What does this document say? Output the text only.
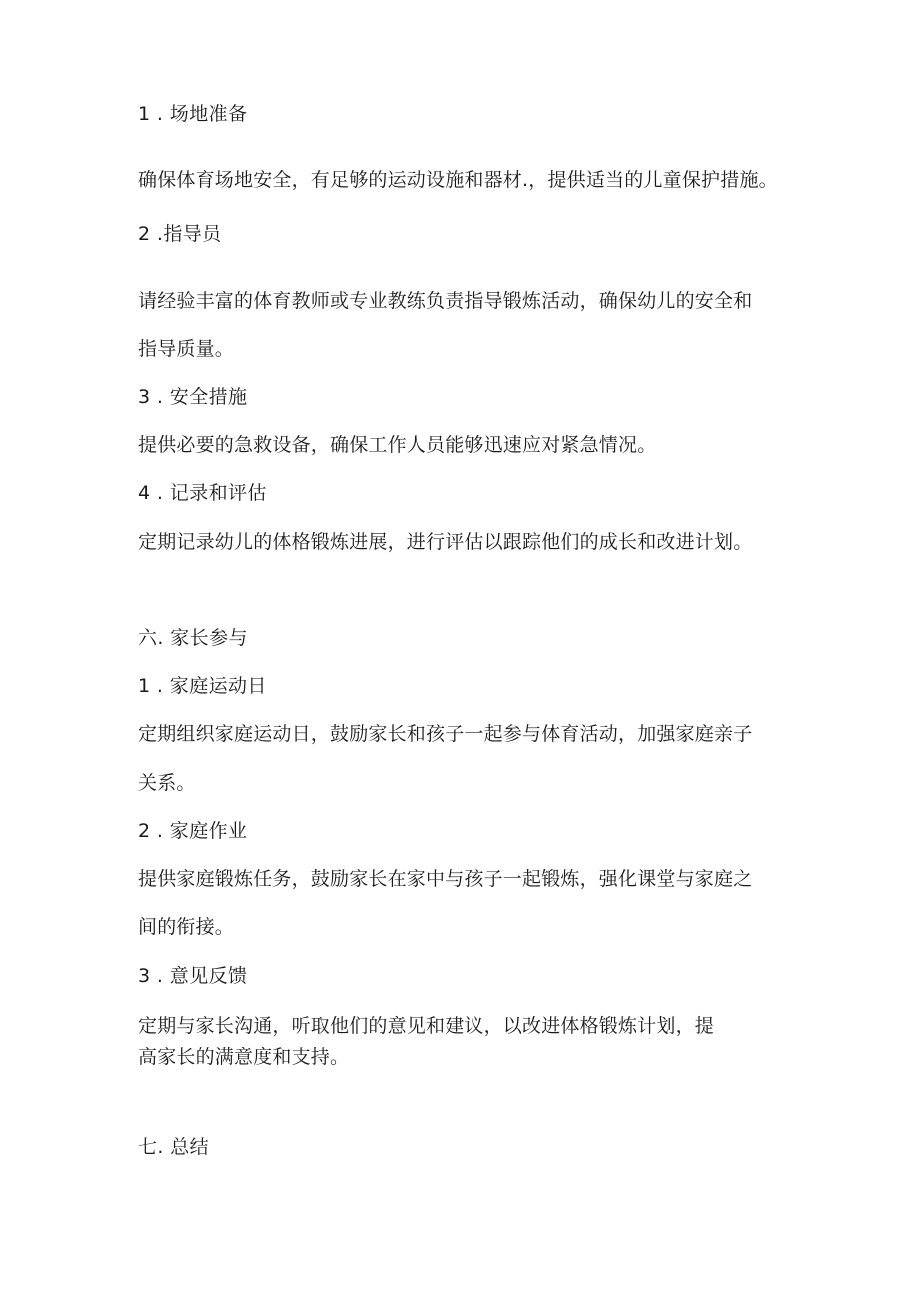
1 . 场地准备
确保体育场地安全，有足够的运动设施和器材.，提供适当的儿童保护措施。
2 .指导员
请经验丰富的体育教师或专业教练负责指导锻炼活动，确保幼儿的安全和
指导质量。
3 . 安全措施
提供必要的急救设备，确保工作人员能够迅速应对紧急情况。
4 . 记录和评估
定期记录幼儿的体格锻炼进展，进行评估以跟踪他们的成长和改进计划。
六. 家长参与
1 . 家庭运动日
定期组织家庭运动日，鼓励家长和孩子一起参与体育活动，加强家庭亲子
关系。
2 . 家庭作业
提供家庭锻炼任务，鼓励家长在家中与孩子一起锻炼，强化课堂与家庭之
间的衔接。
3 . 意见反馈
定期与家长沟通，听取他们的意见和建议，以改进体格锻炼计划，提
高家长的满意度和支持。
七. 总结
